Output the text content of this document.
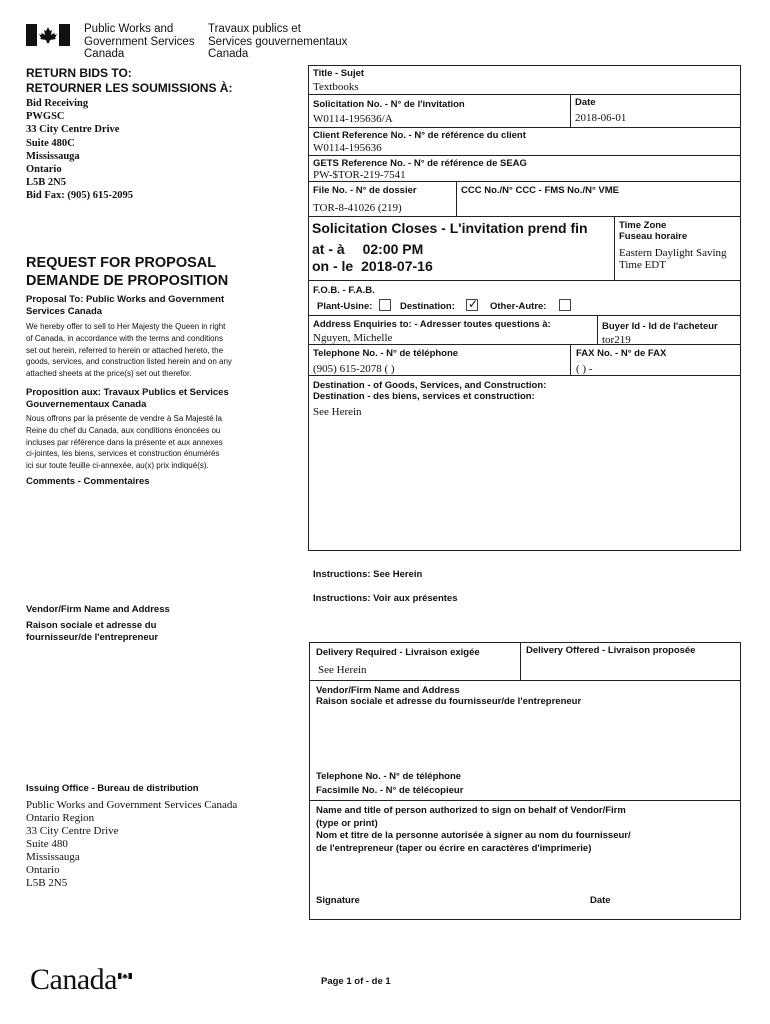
Public Works and
Government Services
Canada
Travaux publics et
Services gouvernementaux
Canada
RETURN BIDS TO:
RETOURNER LES SOUMISSIONS À:
Bid Receiving
PWGSC
33 City Centre Drive
Suite 480C
Mississauga
Ontario
L5B 2N5
Bid Fax: (905) 615-2095
REQUEST FOR PROPOSAL
DEMANDE DE PROPOSITION
Proposal To: Public Works and Government
Services Canada
We hereby offer to sell to Her Majesty the Queen in right
of Canada, in accordance with the terms and conditions
set out herein, referred to herein or attached hereto, the
goods, services, and construction listed herein and on any
attached sheets at the price(s) set out therefor.
Proposition aux: Travaux Publics et Services
Gouvernementaux Canada
Nous offrons par la présente de vendre à Sa Majesté la
Reine du chef du Canada, aux conditions énoncées ou
incluses par référence dans la présente et aux annexes
ci-jointes, les biens, services et construction énumérés
ici sur toute feuille ci-annexée, au(x) prix indiqué(s).
Comments - Commentaires
Vendor/Firm Name and Address
Raison sociale et adresse du
fournisseur/de l'entrepreneur
Issuing Office - Bureau de distribution
Public Works and Government Services Canada
Ontario Region
33 City Centre Drive
Suite 480
Mississauga
Ontario
L5B 2N5
Title - Sujet
Textbooks
Solicitation No. - N° de l'invitation
W0114-195636/A
Date
2018-06-01
Client Reference No. - N° de référence du client
W0114-195636
GETS Reference No. - N° de référence de SEAG
PW-$TOR-219-7541
File No. - N° de dossier
TOR-8-41026 (219)
CCC No./N° CCC - FMS No./N° VME
Solicitation Closes - L'invitation prend fin
at - à 02:00 PM
on - le 2018-07-16
Time Zone
Fuseau horaire
Eastern Daylight Saving
Time EDT
F.O.B. - F.A.B.
Plant-Usine:	Destination: ✓ Other-Autre:
Address Enquiries to: - Adresser toutes questions à:
Nguyen, Michelle
Buyer Id - Id de l'acheteur
tor219
Telephone No. - N° de téléphone
(905) 615-2078 ( )
FAX No. - N° de FAX
( ) -
Destination - of Goods, Services, and Construction:
Destination - des biens, services et construction:
See Herein
Instructions: See Herein
Instructions: Voir aux présentes
Delivery Required - Livraison exigée
See Herein
Delivery Offered - Livraison proposée
Vendor/Firm Name and Address
Raison sociale et adresse du fournisseur/de l'entrepreneur
Telephone No. - N° de téléphone
Facsimile No. - N° de télécopieur
Name and title of person authorized to sign on behalf of Vendor/Firm
(type or print)
Nom et titre de la personne autorisée à signer au nom du fournisseur/
de l'entrepreneur (taper ou écrire en caractères d'imprimerie)
Signature	Date
Canada	Page 1 of - de 1
